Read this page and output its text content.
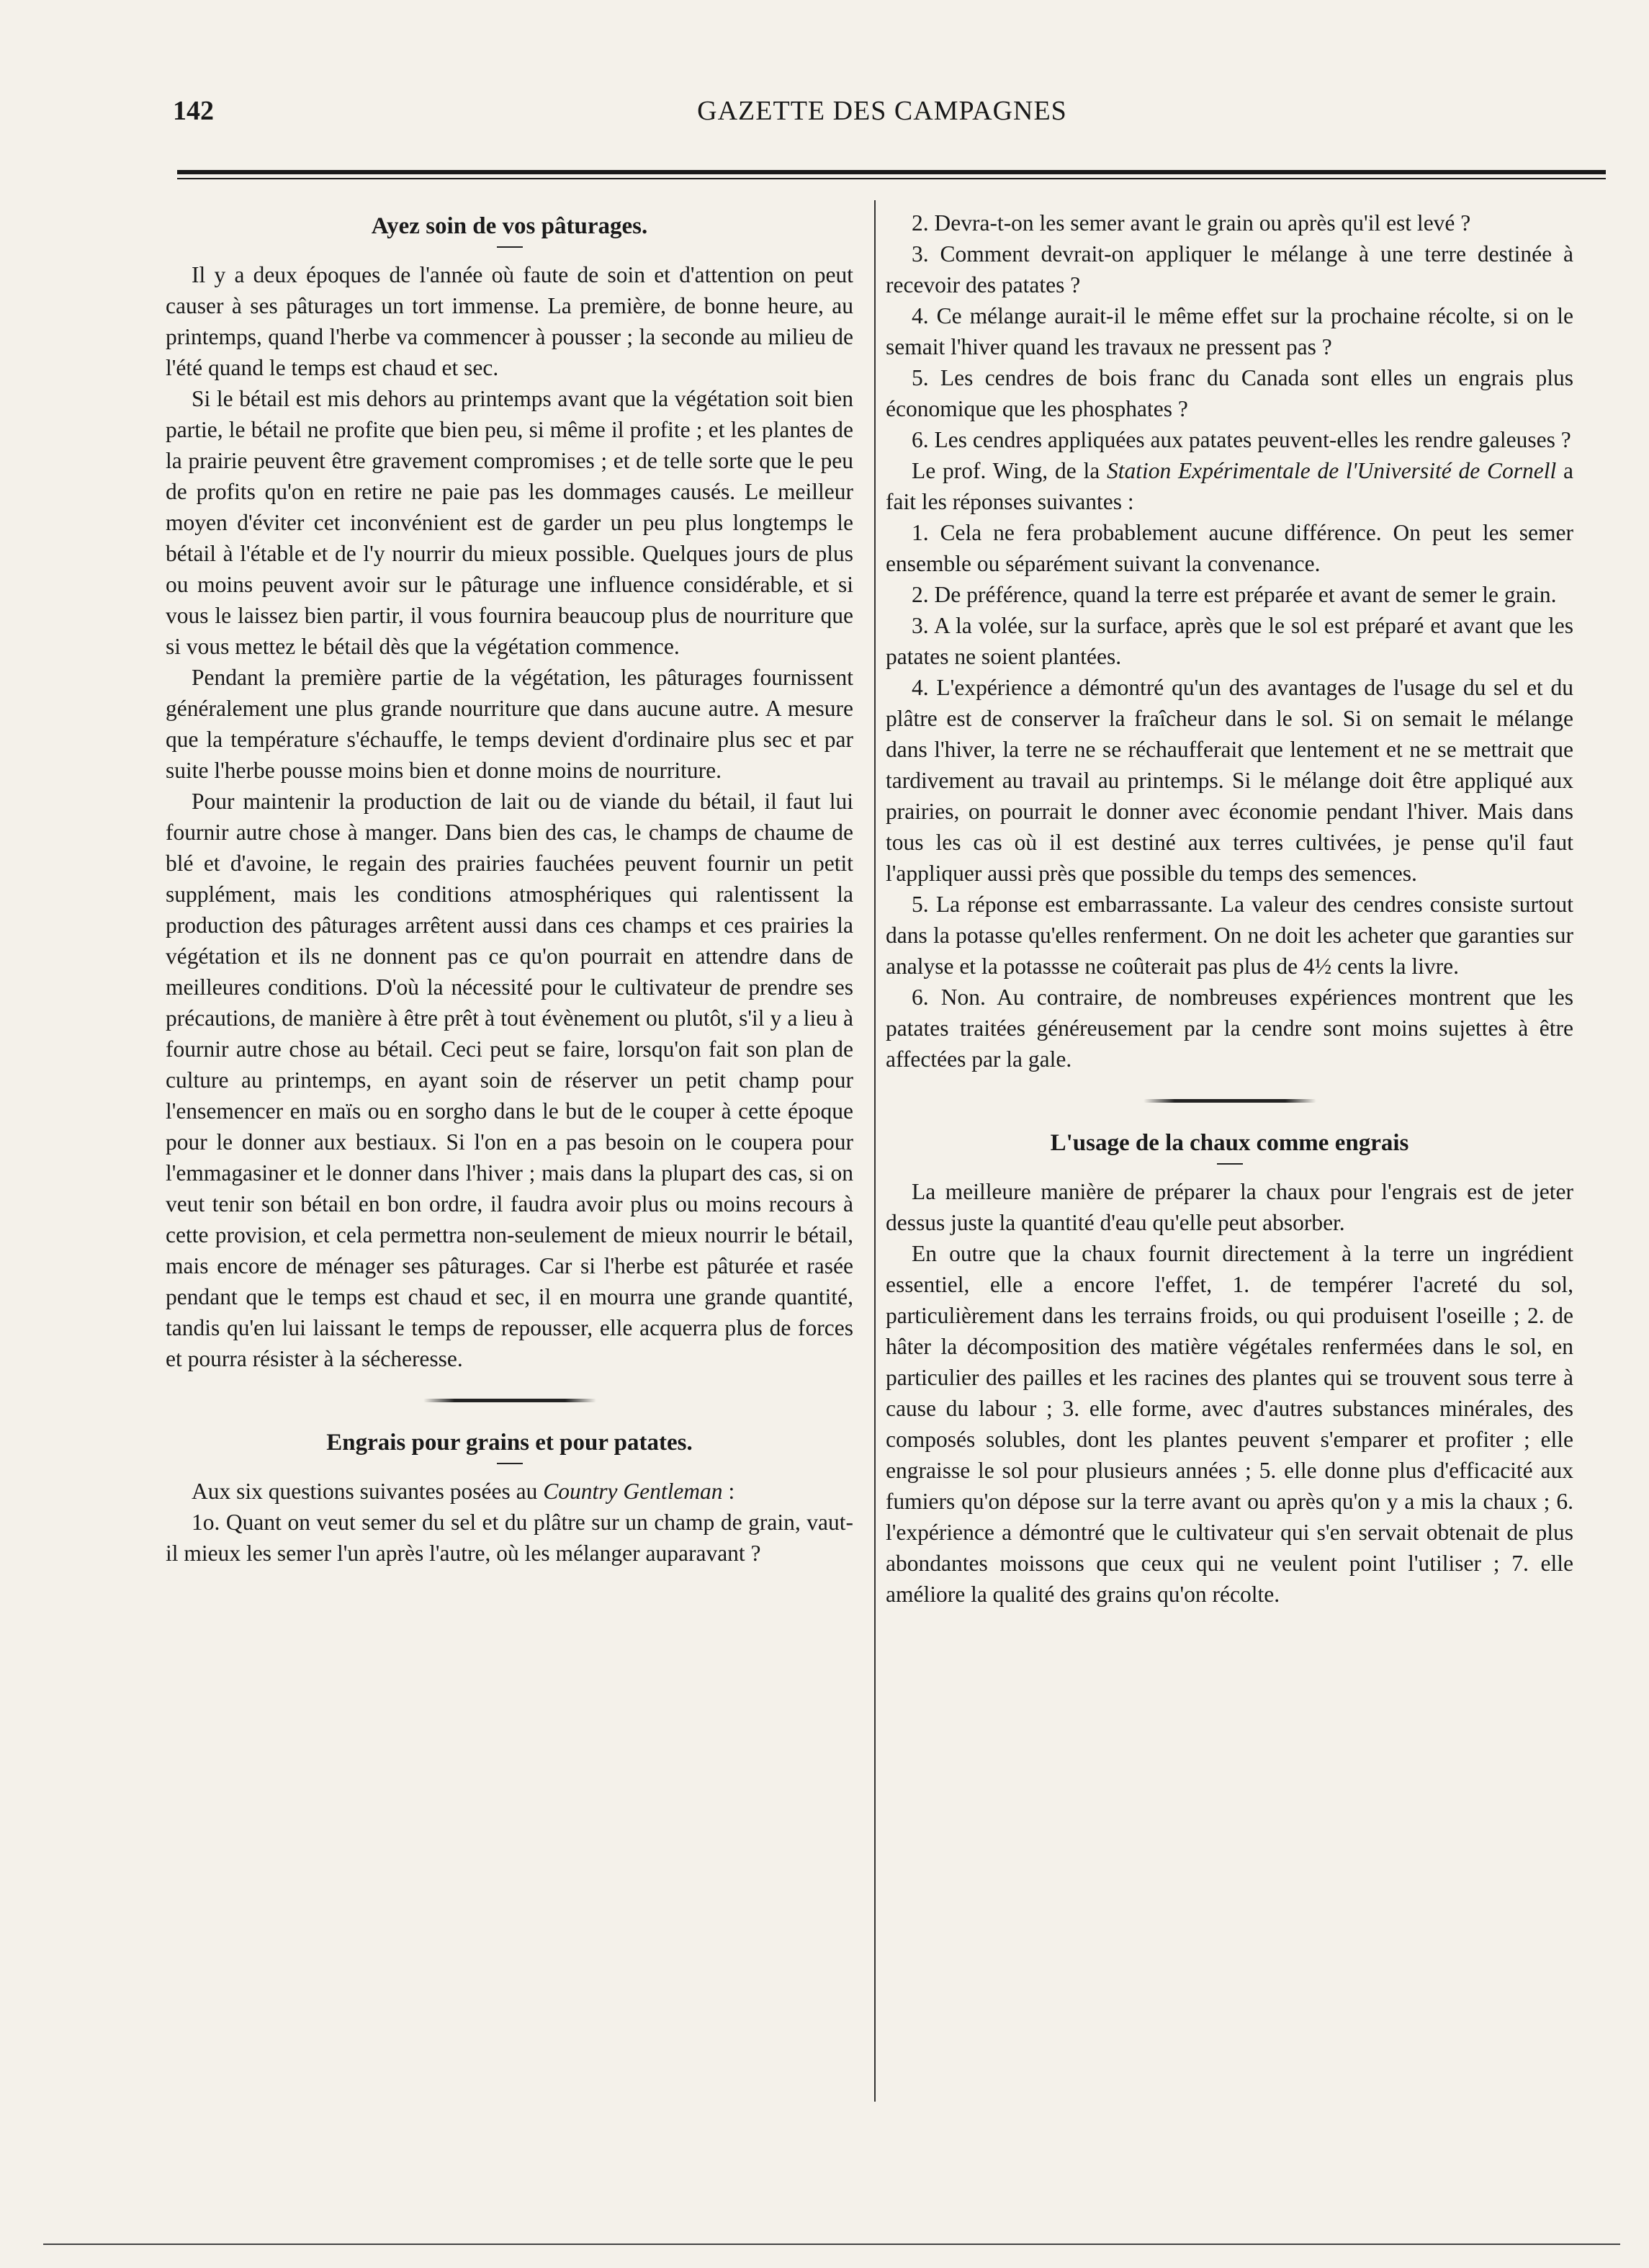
142	GAZETTE DES CAMPAGNES
Ayez soin de vos pâturages.

Il y a deux époques de l'année où faute de soin et d'attention on peut causer à ses pâturages un tort immense. La première, de bonne heure, au printemps, quand l'herbe va commencer à pousser ; la seconde au milieu de l'été quand le temps est chaud et sec.

Si le bétail est mis dehors au printemps avant que la végétation soit bien partie, le bétail ne profite que bien peu, si même il profite ; et les plantes de la prairie peuvent être gravement compromises ; et de telle sorte que le peu de profits qu'on en retire ne paie pas les dommages causés. Le meilleur moyen d'éviter cet inconvénient est de garder un peu plus longtemps le bétail à l'étable et de l'y nourrir du mieux possible. Quelques jours de plus ou moins peuvent avoir sur le pâturage une influence considérable, et si vous le laissez bien partir, il vous fournira beaucoup plus de nourriture que si vous mettez le bétail dès que la végétation commence.

Pendant la première partie de la végétation, les pâturages fournissent généralement une plus grande nourriture que dans aucune autre. A mesure que la température s'échauffe, le temps devient d'ordinaire plus sec et par suite l'herbe pousse moins bien et donne moins de nourriture.

Pour maintenir la production de lait ou de viande du bétail, il faut lui fournir autre chose à manger. Dans bien des cas, le champs de chaume de blé et d'avoine, le regain des prairies fauchées peuvent fournir un petit supplément, mais les conditions atmosphériques qui ralentissent la production des pâturages arrêtent aussi dans ces champs et ces prairies la végétation et ils ne donnent pas ce qu'on pourrait en attendre dans de meilleures conditions. D'où la nécessité pour le cultivateur de prendre ses précautions, de manière à être prêt à tout évènement ou plutôt, s'il y a lieu à fournir autre chose au bétail. Ceci peut se faire, lorsqu'on fait son plan de culture au printemps, en ayant soin de réserver un petit champ pour l'ensemencer en maïs ou en sorgho dans le but de le couper à cette époque pour le donner aux bestiaux. Si l'on en a pas besoin on le coupera pour l'emmagasiner et le donner dans l'hiver ; mais dans la plupart des cas, si on veut tenir son bétail en bon ordre, il faudra avoir plus ou moins recours à cette provision, et cela permettra non-seulement de mieux nourrir le bétail, mais encore de ménager ses pâturages. Car si l'herbe est pâturée et rasée pendant que le temps est chaud et sec, il en mourra une grande quantité, tandis qu'en lui laissant le temps de repousser, elle acquerra plus de forces et pourra résister à la sécheresse.

Engrais pour grains et pour patates.

Aux six questions suivantes posées au Country Gentleman :

1o. Quant on veut semer du sel et du plâtre sur un champ de grain, vaut-il mieux les semer l'un après l'autre, où les mélanger auparavant ?

2. Devra-t-on les semer avant le grain ou après qu'il est levé ?

3. Comment devrait-on appliquer le mélange à une terre destinée à recevoir des patates ?

4. Ce mélange aurait-il le même effet sur la prochaine récolte, si on le semait l'hiver quand les travaux ne pressent pas ?

5. Les cendres de bois franc du Canada sont elles un engrais plus économique que les phosphates ?

6. Les cendres appliquées aux patates peuvent-elles les rendre galeuses ?

Le prof. Wing, de la Station Expérimentale de l'Université de Cornell a fait les réponses suivantes :

1. Cela ne fera probablement aucune différence. On peut les semer ensemble ou séparément suivant la convenance.

2. De préférence, quand la terre est préparée et avant de semer le grain.

3. A la volée, sur la surface, après que le sol est préparé et avant que les patates ne soient plantées.

4. L'expérience a démontré qu'un des avantages de l'usage du sel et du plâtre est de conserver la fraîcheur dans le sol. Si on semait le mélange dans l'hiver, la terre ne se réchaufferait que lentement et ne se mettrait que tardivement au travail au printemps. Si le mélange doit être appliqué aux prairies, on pourrait le donner avec économie pendant l'hiver. Mais dans tous les cas où il est destiné aux terres cultivées, je pense qu'il faut l'appliquer aussi près que possible du temps des semences.

5. La réponse est embarrassante. La valeur des cendres consiste surtout dans la potasse qu'elles renferment. On ne doit les acheter que garanties sur analyse et la potassse ne coûterait pas plus de 4½ cents la livre.

6. Non. Au contraire, de nombreuses expériences montrent que les patates traitées généreusement par la cendre sont moins sujettes à être affectées par la gale.

L'usage de la chaux comme engrais

La meilleure manière de préparer la chaux pour l'engrais est de jeter dessus juste la quantité d'eau qu'elle peut absorber.

En outre que la chaux fournit directement à la terre un ingrédient essentiel, elle a encore l'effet, 1. de tempérer l'acreté du sol, particulièrement dans les terrains froids, ou qui produisent l'oseille ; 2. de hâter la décomposition des matière végétales renfermées dans le sol, en particulier des pailles et les racines des plantes qui se trouvent sous terre à cause du labour ; 3. elle forme, avec d'autres substances minérales, des composés solubles, dont les plantes peuvent s'emparer et profiter ; elle engraisse le sol pour plusieurs années ; 5. elle donne plus d'efficacité aux fumiers qu'on dépose sur la terre avant ou après qu'on y a mis la chaux ; 6. l'expérience a démontré que le cultivateur qui s'en servait obtenait de plus abondantes moissons que ceux qui ne veulent point l'utiliser ; 7. elle améliore la qualité des grains qu'on récolte.
